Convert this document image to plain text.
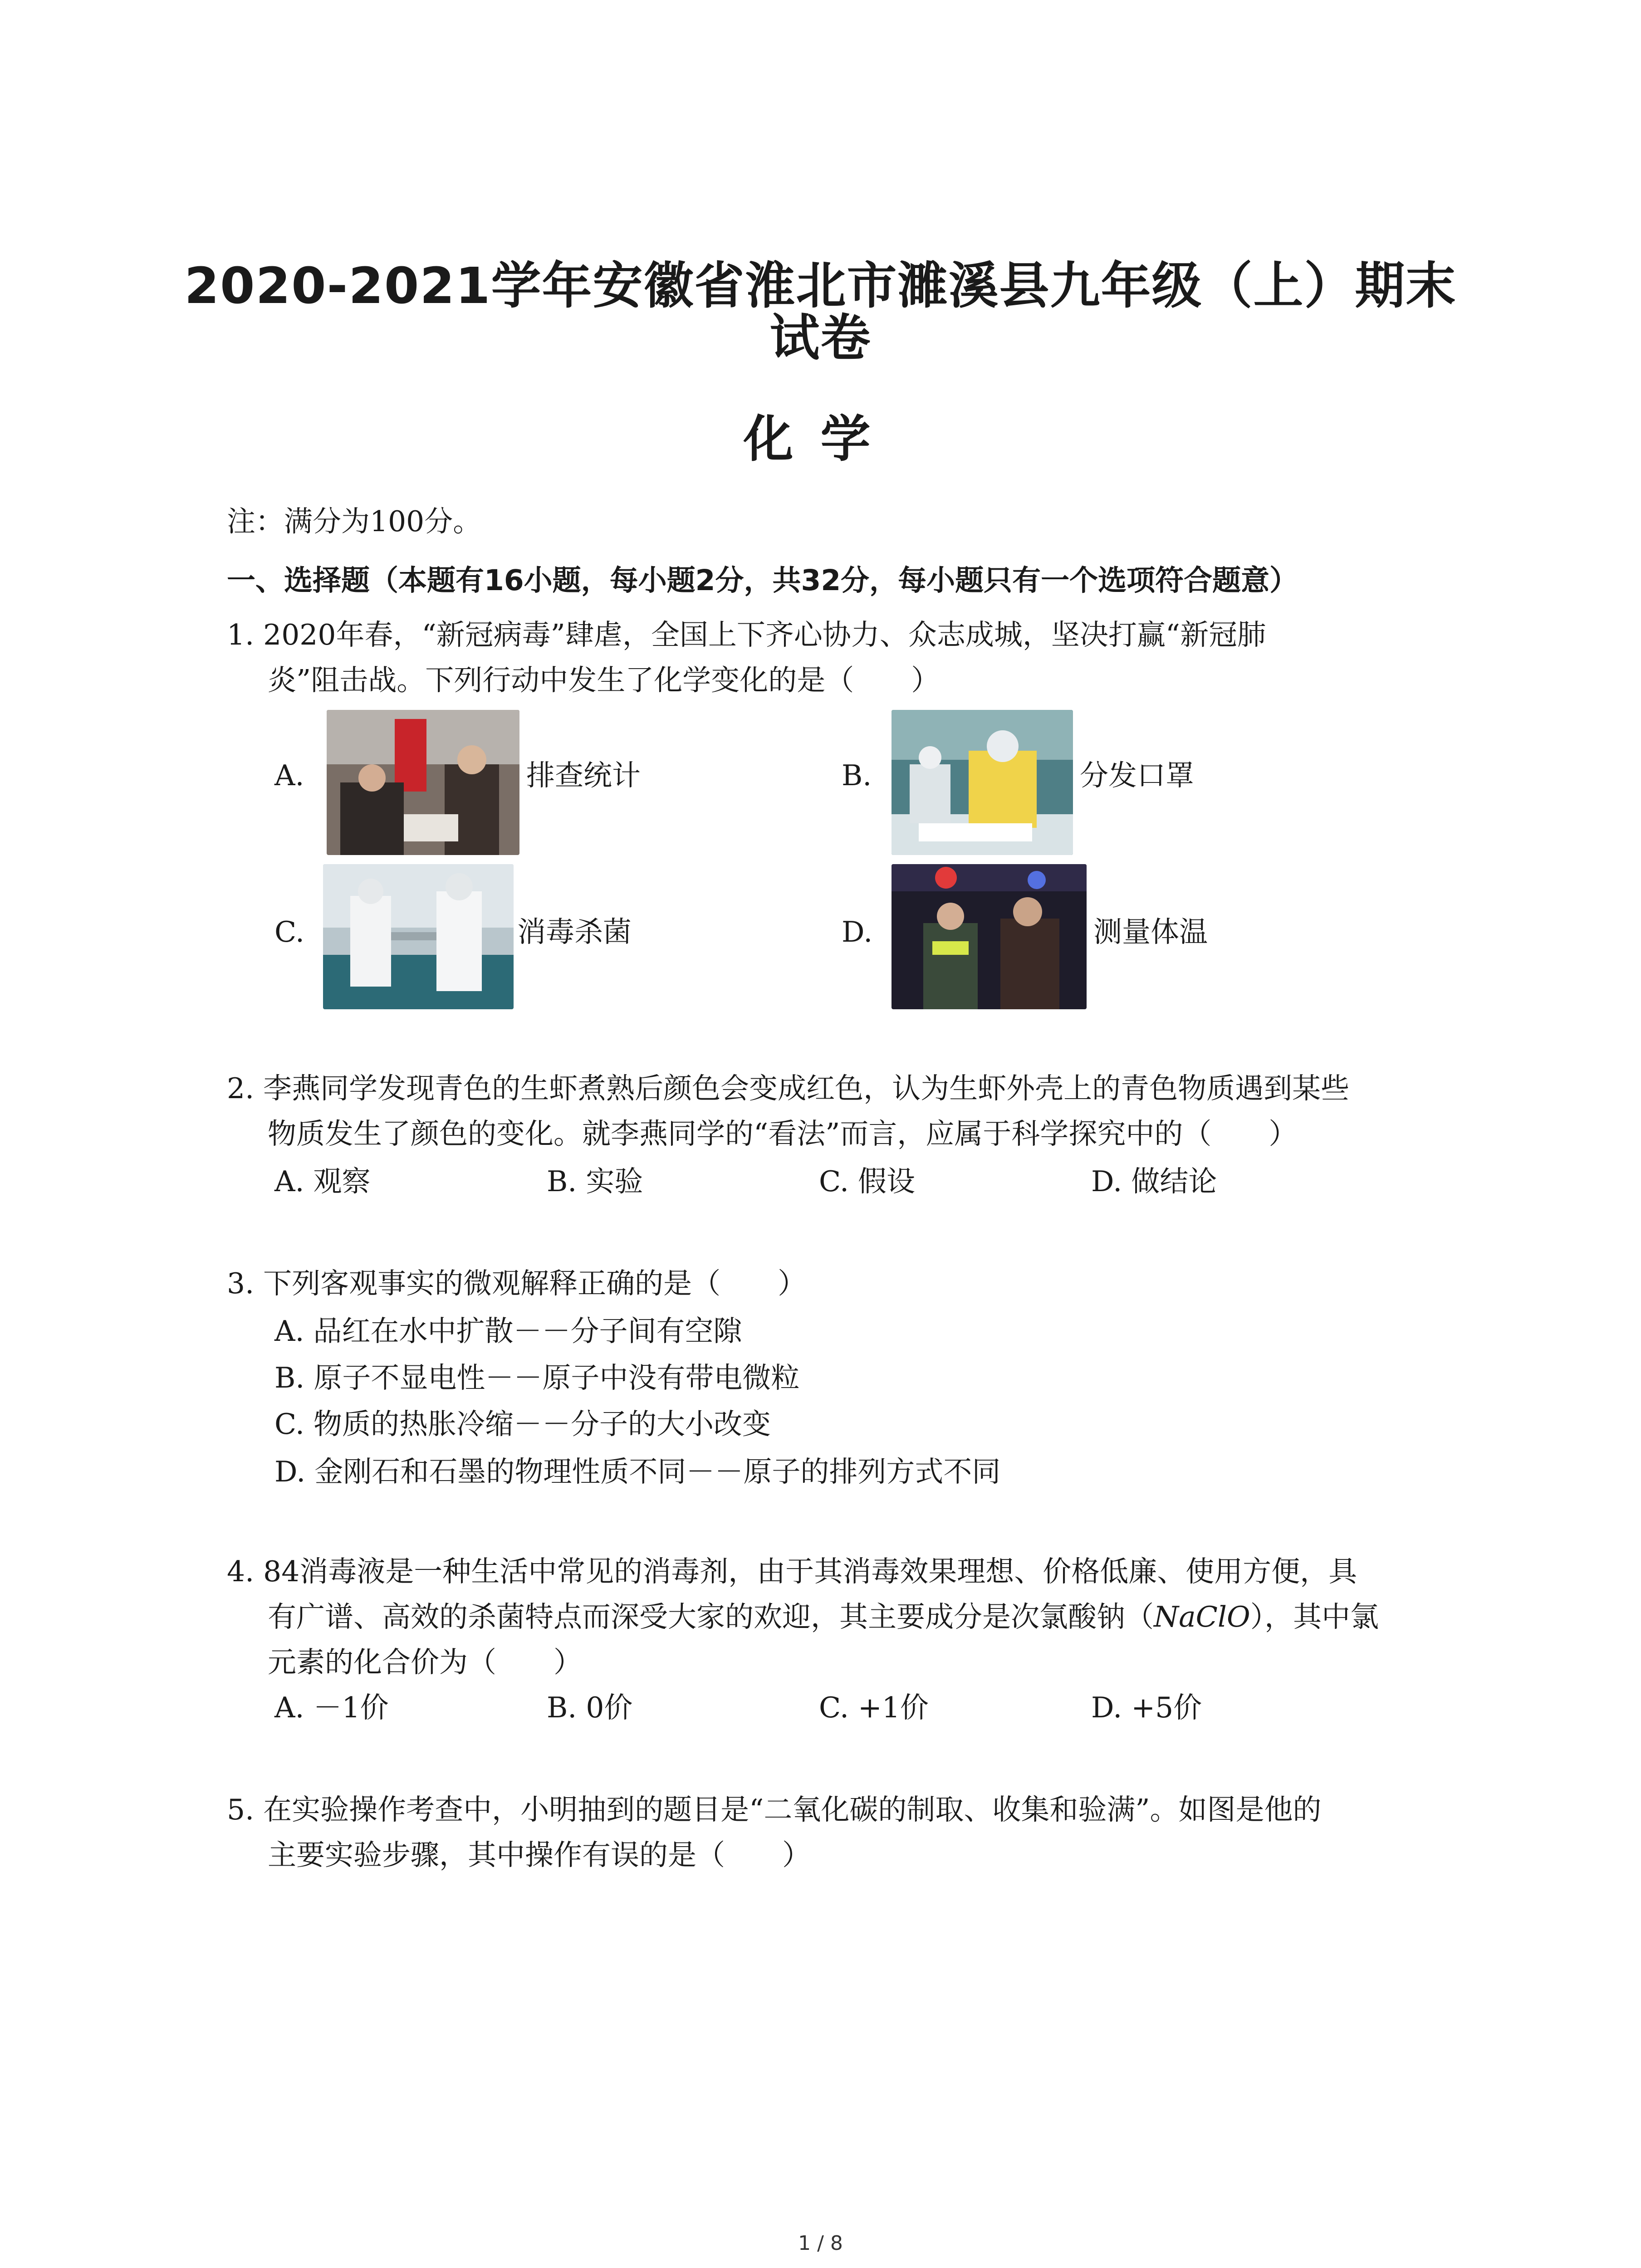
2020-2021学年安徽省淮北市濉溪县九年级（上）期末
试卷
化学
注：满分为100分。
一、选择题（本题有16小题，每小题2分，共32分，每小题只有一个选项符合题意）
1. 2020年春，“新冠病毒”肆虐，全国上下齐心协力、众志成城，坚决打赢“新冠肺
炎”阻击战。下列行动中发生了化学变化的是（　　）
A.	排查统计	B.	分发口罩
C.	消毒杀菌	D.	测量体温
2. 李燕同学发现青色的生虾煮熟后颜色会变成红色，认为生虾外壳上的青色物质遇到某些
物质发生了颜色的变化。就李燕同学的“看法”而言，应属于科学探究中的（　　）
A. 观察	B. 实验	C. 假设	D. 做结论
3. 下列客观事实的微观解释正确的是（　　）
A. 品红在水中扩散－－分子间有空隙
B. 原子不显电性－－原子中没有带电微粒
C. 物质的热胀冷缩－－分子的大小改变
D. 金刚石和石墨的物理性质不同－－原子的排列方式不同
4. 84消毒液是一种生活中常见的消毒剂，由于其消毒效果理想、价格低廉、使用方便，具
有广谱、高效的杀菌特点而深受大家的欢迎，其主要成分是次氯酸钠（NaClO），其中氯
元素的化合价为（　　）
A. －1价	B. 0价	C. +1价	D. +5价
5. 在实验操作考查中，小明抽到的题目是“二氧化碳的制取、收集和验满”。如图是他的
主要实验步骤，其中操作有误的是（　　）
1 / 8
